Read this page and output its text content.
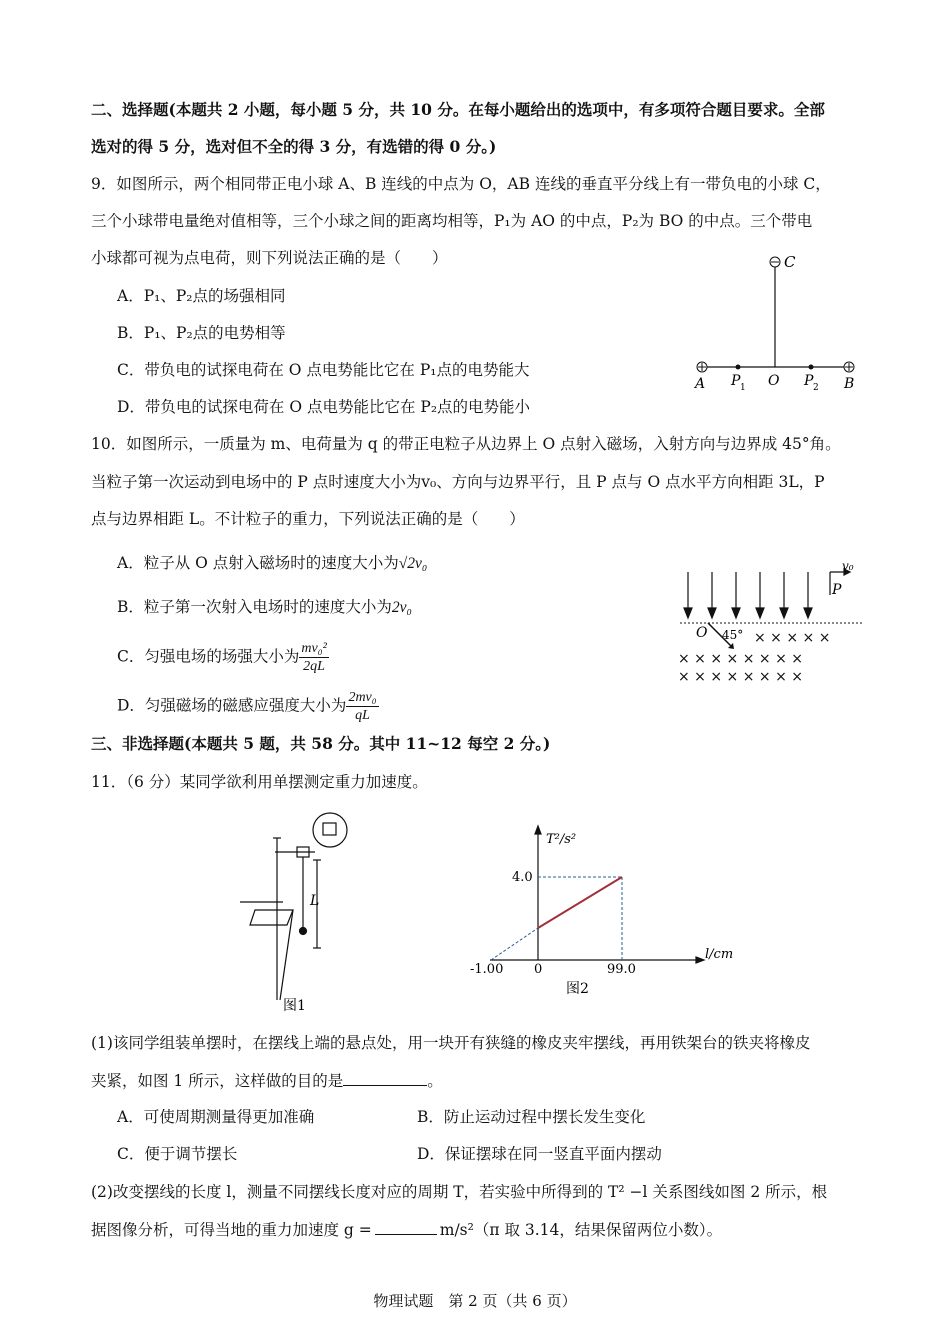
二、选择题(本题共 2 小题，每小题 5 分，共 10 分。在每小题给出的选项中，有多项符合题目要求。全部
选对的得 5 分，选对但不全的得 3 分，有选错的得 0 分。)
9．如图所示，两个相同带正电小球 A、B 连线的中点为 O，AB 连线的垂直平分线上有一带负电的小球 C，
三个小球带电量绝对值相等，三个小球之间的距离均相等，P₁为 AO 的中点，P₂为 BO 的中点。三个带电
小球都可视为点电荷，则下列说法正确的是（　　）
A．P₁、P₂点的场强相同
B．P₁、P₂点的电势相等
C．带负电的试探电荷在 O 点电势能比它在 P₁点的电势能大
D．带负电的试探电荷在 O 点电势能比它在 P₂点的电势能小
C
A P 1 O P 2 B
10．如图所示，一质量为 m、电荷量为 q 的带正电粒子从边界上 O 点射入磁场，入射方向与边界成 45°角。
当粒子第一次运动到电场中的 P 点时速度大小为v₀、方向与边界平行，且 P 点与 O 点水平方向相距 3L，P
点与边界相距 L。不计粒子的重力，下列说法正确的是（　　）
A．粒子从 O 点射入磁场时的速度大小为√2v₀
B．粒子第一次射入电场时的速度大小为2v₀
C．匀强电场的场强大小为 $\frac{\text{mv₀²}}{2qL}$
D．匀强磁场的磁感应强度大小为 $\frac{\text{2mv₀}}{qL}$
O 45°
P
v₀
× × × × ×
× × × × × × × ×
× × × × × × × ×
三、非选择题(本题共 5 题，共 58 分。其中 11~12 每空 2 分。)
11．（6 分）某同学欲利用单摆测定重力加速度。
L
图1
T²/s²
l/cm
4.0
-1.00 0	99.0
图2
(1)该同学组装单摆时，在摆线上端的悬点处，用一块开有狭缝的橡皮夹牢摆线，再用铁架台的铁夹将橡皮
夹紧，如图 1 所示，这样做的目的是	。
A．可使周期测量得更加准确	B．防止运动过程中摆长发生变化
C．便于调节摆长	D．保证摆球在同一竖直平面内摆动
(2)改变摆线的长度 l，测量不同摆线长度对应的周期 T，若实验中所得到的 T² −l 关系图线如图 2 所示，根
据图像分析，可得当地的重力加速度 g =	m/s²（π 取 3.14，结果保留两位小数）。
物理试题　第 2 页（共 6 页）
